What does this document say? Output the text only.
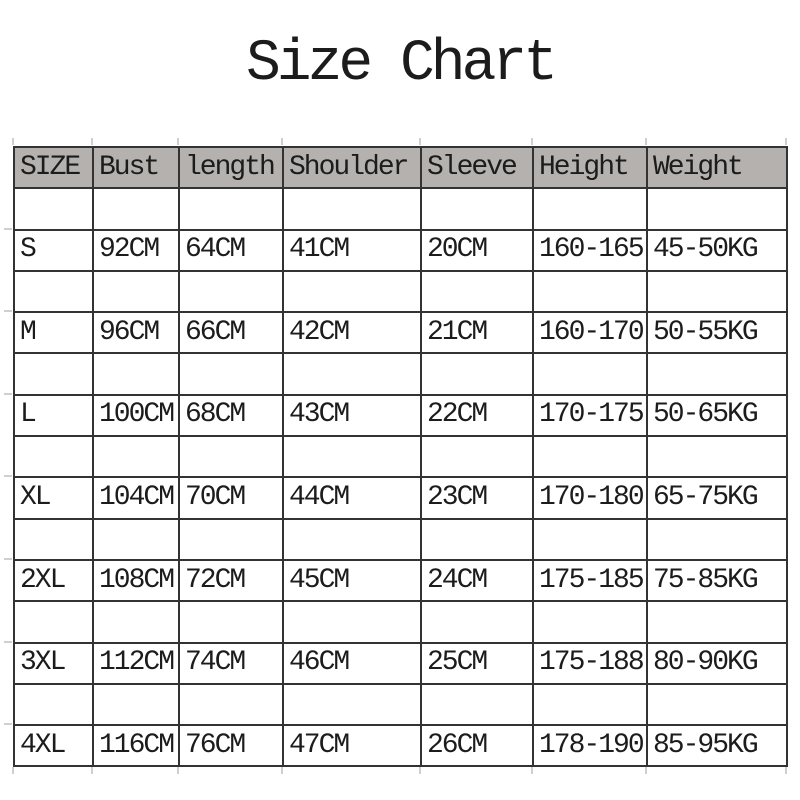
Size Chart
SIZE	Bust	length	Shoulder	Sleeve	Height	Weight

S	92CM	64CM	41CM	20CM	160-165	45-50KG

M	96CM	66CM	42CM	21CM	160-170	50-55KG

L	100CM	68CM	43CM	22CM	170-175	50-65KG

XL	104CM	70CM	44CM	23CM	170-180	65-75KG

2XL	108CM	72CM	45CM	24CM	175-185	75-85KG

3XL	112CM	74CM	46CM	25CM	175-188	80-90KG

4XL	116CM	76CM	47CM	26CM	178-190	85-95KG
